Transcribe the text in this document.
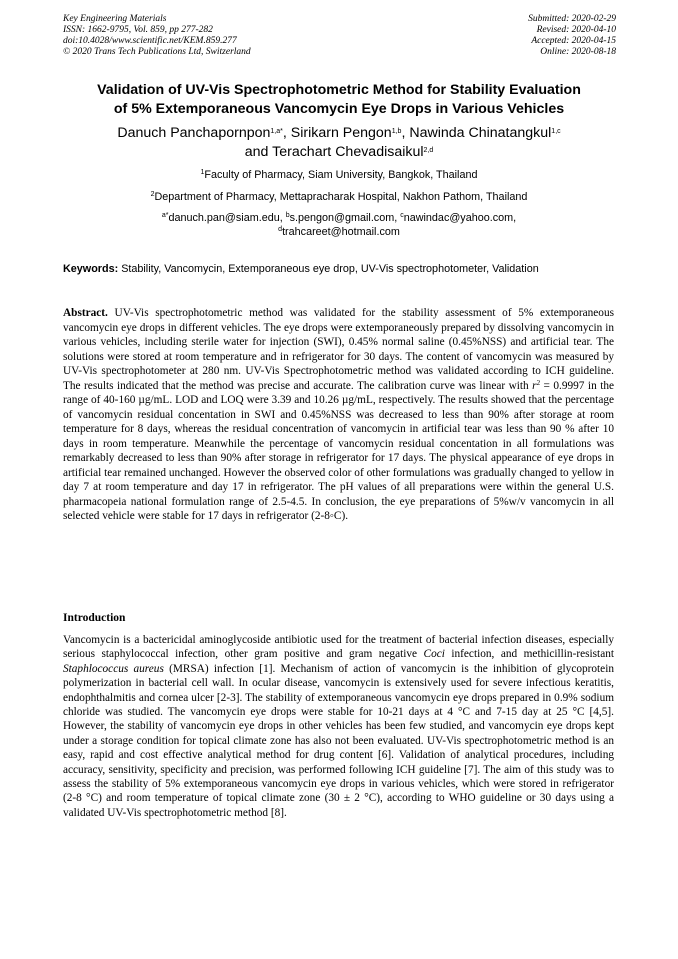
Key Engineering Materials
ISSN: 1662-9795, Vol. 859, pp 277-282
doi:10.4028/www.scientific.net/KEM.859.277
© 2020 Trans Tech Publications Ltd, Switzerland
Submitted: 2020-02-29
Revised: 2020-04-10
Accepted: 2020-04-15
Online: 2020-08-18
Validation of UV-Vis Spectrophotometric Method for Stability Evaluation
of 5% Extemporaneous Vancomycin Eye Drops in Various Vehicles
Danuch Panchapornpon$^{1,a*}$, Sirikarn Pengon$^{1,b}$, Nawinda Chinatangkul$^{1,c}$
and Terachart Chevadisaikul$^{2,d}$
$^1$Faculty of Pharmacy, Siam University, Bangkok, Thailand
$^2$Department of Pharmacy, Mettapracharak Hospital, Nakhon Pathom, Thailand
$^{a*}$danuch.pan@siam.edu, $^b$s.pengon@gmail.com, $^c$nawindac@yahoo.com,
$^d$trahcareet@hotmail.com
Keywords: Stability, Vancomycin, Extemporaneous eye drop, UV-Vis spectrophotometer, Validation
Abstract. UV-Vis spectrophotometric method was validated for the stability assessment of 5% extemporaneous vancomycin eye drops in different vehicles. The eye drops were extemporaneously prepared by dissolving vancomycin in various vehicles, including sterile water for injection (SWI), 0.45% normal saline (0.45%NSS) and artificial tear. The solutions were stored at room temperature and in refrigerator for 30 days. The content of vancomycin was measured by UV-Vis spectrophotometer at 280 nm. UV-Vis Spectrophotometric method was validated according to ICH guideline. The results indicated that the method was precise and accurate. The calibration curve was linear with $r^2 = 0.9997$ in the range of 40-160 µg/mL. LOD and LOQ were 3.39 and 10.26 µg/mL, respectively. The results showed that the percentage of vancomycin residual concentation in SWI and 0.45%NSS was decreased to less than 90% after storage at room temperature for 8 days, whereas the residual concentration of vancomycin in artificial tear was less than 90 % after 10 days in room temperature. Meanwhile the percentage of vancomycin residual concentation in all formulations was remarkably decreased to less than 90% after storage in refrigerator for 17 days. The physical appearance of eye drops in artificial tear remained unchanged. However the observed color of other formulations was gradually changed to yellow in day 7 at room temperature and day 17 in refrigerator. The pH values of all preparations were within the general U.S. pharmacopeia national formulation range of 2.5-4.5. In conclusion, the eye preparations of 5%w/v vancomycin in all selected vehicle were stable for 17 days in refrigerator (2-8◦C).
Introduction
Vancomycin is a bactericidal aminoglycoside antibiotic used for the treatment of bacterial infection diseases, especially serious staphylococcal infection, other gram positive and gram negative Coci infection, and methicillin-resistant Staphlococcus aureus (MRSA) infection [1]. Mechanism of action of vancomycin is the inhibition of glycoprotein polymerization in bacterial cell wall. In ocular disease, vancomycin is extensively used for severe infectious keratitis, endophthalmitis and cornea ulcer [2-3]. The stability of extemporaneous vancomycin eye drops prepared in 0.9% sodium chloride was studied. The vancomycin eye drops were stable for 10-21 days at 4 °C and 7-15 day at 25 °C [4,5]. However, the stability of vancomycin eye drops in other vehicles has been few studied, and vancomycin eye drops kept under a storage condition for topical climate zone has also not been evaluated. UV-Vis spectrophotometric method is an easy, rapid and cost effective analytical method for drug content [6]. Validation of analytical procedures, including accuracy, sensitivity, specificity and precision, was performed following ICH guideline [7]. The aim of this study was to assess the stability of 5% extemporaneous vancomycin eye drops in various vehicles, which were stored in refrigerator (2-8 °C) and room temperature of topical climate zone (30 ± 2 °C), according to WHO guideline or 30 days using a validated UV-Vis spectrophotometric method [8].
